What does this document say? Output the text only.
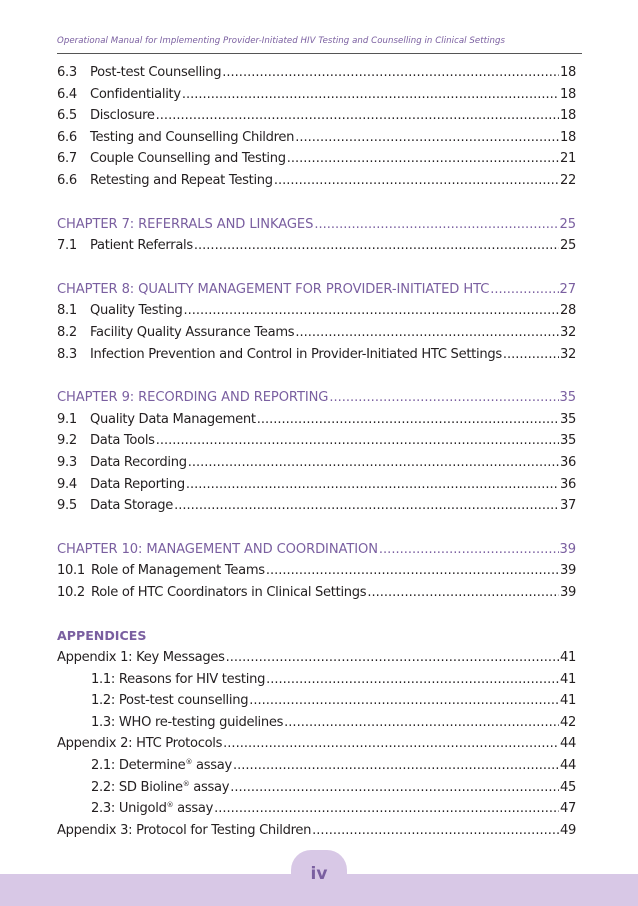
Operational Manual for Implementing Provider-Initiated HIV Testing and Counselling in Clinical Settings
6.3 Post-test Counselling .....	18
6.4 Confidentiality .....	18
6.5 Disclosure .....	18
6.6 Testing and Counselling Children .....	18
6.7 Couple Counselling and Testing .....	21
6.6 Retesting and Repeat Testing .....	22
CHAPTER 7: REFERRALS AND LINKAGES .....	25
7.1 Patient Referrals .....	25
CHAPTER 8: QUALITY MANAGEMENT FOR PROVIDER-INITIATED HTC .....	27
8.1 Quality Testing .....	28
8.2 Facility Quality Assurance Teams .....	32
8.3 Infection Prevention and Control in Provider-Initiated HTC Settings .....	32
CHAPTER 9: RECORDING AND REPORTING .....	35
9.1 Quality Data Management .....	35
9.2 Data Tools .....	35
9.3 Data Recording .....	36
9.4 Data Reporting .....	36
9.5 Data Storage .....	37
CHAPTER 10: MANAGEMENT AND COORDINATION .....	39
10.1 Role of Management Teams .....	39
10.2 Role of HTC Coordinators in Clinical Settings .....	39
APPENDICES
Appendix 1: Key Messages .....	41
1.1: Reasons for HIV testing .....	41
1.2: Post-test counselling .....	41
1.3: WHO re-testing guidelines .....	42
Appendix 2: HTC Protocols .....	44
2.1: Determine® assay .....	44
2.2: SD Bioline® assay .....	45
2.3: Unigold® assay .....	47
Appendix 3: Protocol for Testing Children .....	49
iv
